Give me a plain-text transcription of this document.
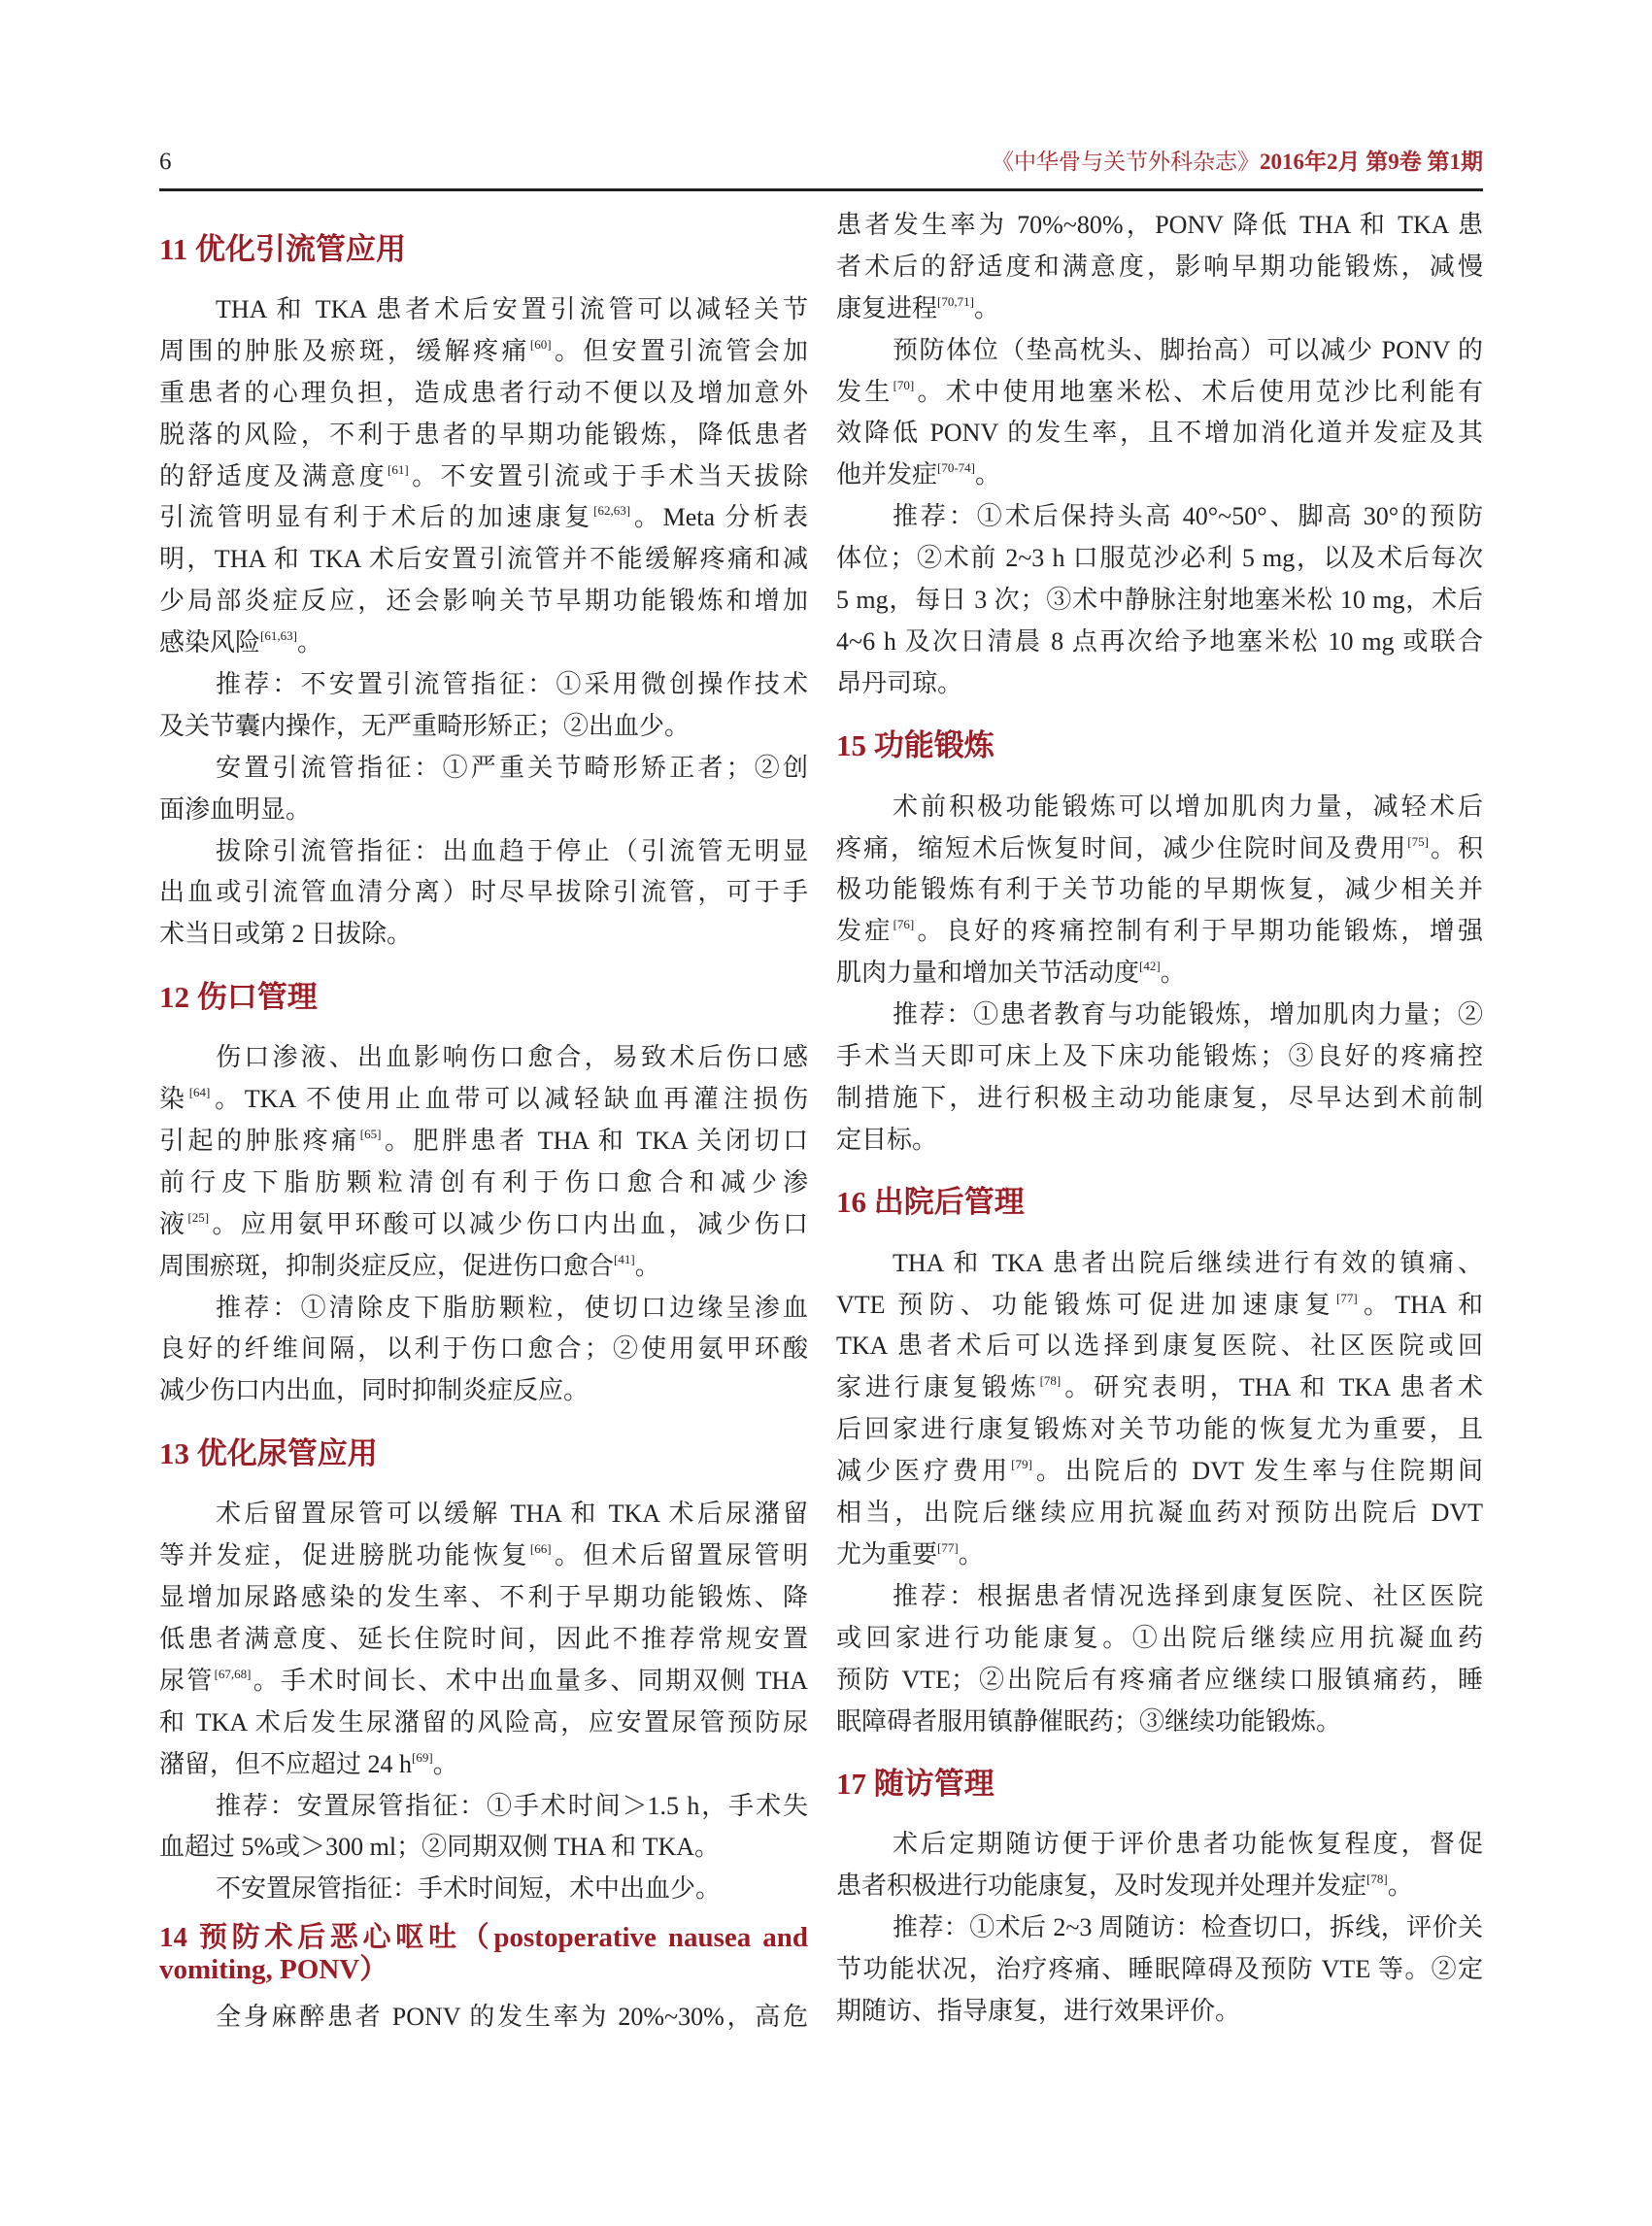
6	《中华骨与关节外科杂志》2016年2月 第9卷 第1期
11 优化引流管应用
THA 和 TKA 患者术后安置引流管可以减轻关节
周围的肿胀及瘀斑，缓解疼痛[60]。但安置引流管会加
重患者的心理负担，造成患者行动不便以及增加意外
脱落的风险，不利于患者的早期功能锻炼，降低患者
的舒适度及满意度[61]。不安置引流或于手术当天拔除
引流管明显有利于术后的加速康复[62,63]。Meta 分析表
明，THA 和 TKA 术后安置引流管并不能缓解疼痛和减
少局部炎症反应，还会影响关节早期功能锻炼和增加
感染风险[61,63]。
推荐：不安置引流管指征：①采用微创操作技术
及关节囊内操作，无严重畸形矫正；②出血少。
安置引流管指征：①严重关节畸形矫正者；②创
面渗血明显。
拔除引流管指征：出血趋于停止（引流管无明显
出血或引流管血清分离）时尽早拔除引流管，可于手
术当日或第 2 日拔除。
12 伤口管理
伤口渗液、出血影响伤口愈合，易致术后伤口感
染[64]。TKA 不使用止血带可以减轻缺血再灌注损伤
引起的肿胀疼痛[65]。肥胖患者 THA 和 TKA 关闭切口
前行皮下脂肪颗粒清创有利于伤口愈合和减少渗
液[25]。应用氨甲环酸可以减少伤口内出血，减少伤口
周围瘀斑，抑制炎症反应，促进伤口愈合[41]。
推荐：①清除皮下脂肪颗粒，使切口边缘呈渗血
良好的纤维间隔，以利于伤口愈合；②使用氨甲环酸
减少伤口内出血，同时抑制炎症反应。
13 优化尿管应用
术后留置尿管可以缓解 THA 和 TKA 术后尿潴留
等并发症，促进膀胱功能恢复[66]。但术后留置尿管明
显增加尿路感染的发生率、不利于早期功能锻炼、降
低患者满意度、延长住院时间，因此不推荐常规安置
尿管[67,68]。手术时间长、术中出血量多、同期双侧 THA
和 TKA 术后发生尿潴留的风险高，应安置尿管预防尿
潴留，但不应超过 24 h[69]。
推荐：安置尿管指征：①手术时间＞1.5 h，手术失
血超过 5%或＞300 ml；②同期双侧 THA 和 TKA。
不安置尿管指征：手术时间短，术中出血少。
14 预防术后恶心呕吐（postoperative nausea and
vomiting, PONV）
全身麻醉患者 PONV 的发生率为 20%~30%，高危
患者发生率为 70%~80%，PONV 降低 THA 和 TKA 患
者术后的舒适度和满意度，影响早期功能锻炼，减慢
康复进程[70,71]。
预防体位（垫高枕头、脚抬高）可以减少 PONV 的
发生[70]。术中使用地塞米松、术后使用苋沙比利能有
效降低 PONV 的发生率，且不增加消化道并发症及其
他并发症[70-74]。
推荐：①术后保持头高 40°~50°、脚高 30°的预防
体位；②术前 2~3 h 口服苋沙必利 5 mg，以及术后每次
5 mg，每日 3 次；③术中静脉注射地塞米松 10 mg，术后
4~6 h 及次日清晨 8 点再次给予地塞米松 10 mg 或联合
昂丹司琼。
15 功能锻炼
术前积极功能锻炼可以增加肌肉力量，减轻术后
疼痛，缩短术后恢复时间，减少住院时间及费用[75]。积
极功能锻炼有利于关节功能的早期恢复，减少相关并
发症[76]。良好的疼痛控制有利于早期功能锻炼，增强
肌肉力量和增加关节活动度[42]。
推荐：①患者教育与功能锻炼，增加肌肉力量；②
手术当天即可床上及下床功能锻炼；③良好的疼痛控
制措施下，进行积极主动功能康复，尽早达到术前制
定目标。
16 出院后管理
THA 和 TKA 患者出院后继续进行有效的镇痛、
VTE 预防、功能锻炼可促进加速康复[77]。THA 和
TKA 患者术后可以选择到康复医院、社区医院或回
家进行康复锻炼[78]。研究表明，THA 和 TKA 患者术
后回家进行康复锻炼对关节功能的恢复尤为重要，且
减少医疗费用[79]。出院后的 DVT 发生率与住院期间
相当，出院后继续应用抗凝血药对预防出院后 DVT
尤为重要[77]。
推荐：根据患者情况选择到康复医院、社区医院
或回家进行功能康复。①出院后继续应用抗凝血药
预防 VTE；②出院后有疼痛者应继续口服镇痛药，睡
眠障碍者服用镇静催眠药；③继续功能锻炼。
17 随访管理
术后定期随访便于评价患者功能恢复程度，督促
患者积极进行功能康复，及时发现并处理并发症[78]。
推荐：①术后 2~3 周随访：检查切口，拆线，评价关
节功能状况，治疗疼痛、睡眠障碍及预防 VTE 等。②定
期随访、指导康复，进行效果评价。
